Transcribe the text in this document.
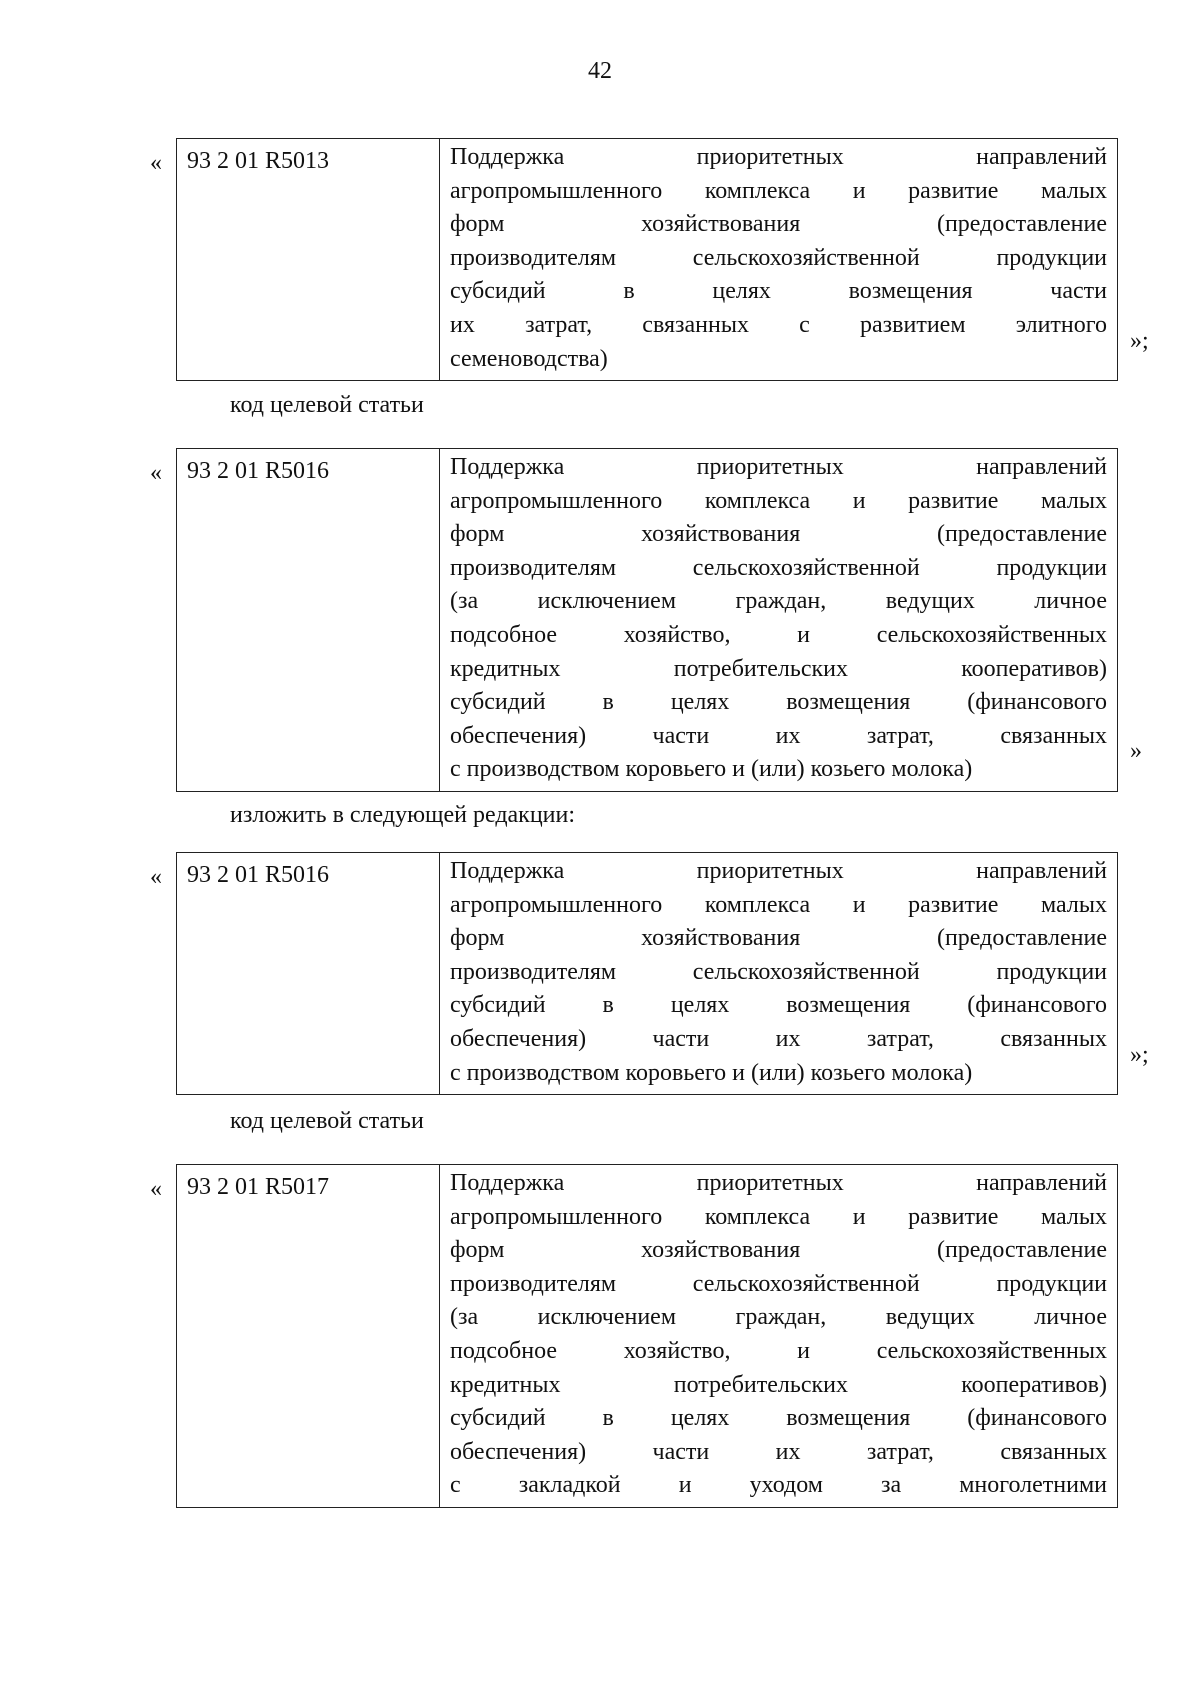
42
« 93 2 01 R5013	Поддержка приоритетных направлений
агропромышленного комплекса и развитие малых
форм хозяйствования (предоставление
производителям сельскохозяйственной продукции
субсидий в целях возмещения части
их затрат, связанных с развитием элитного
семеноводства)
»;
код целевой статьи
« 93 2 01 R5016	Поддержка приоритетных направлений
агропромышленного комплекса и развитие малых
форм хозяйствования (предоставление
производителям сельскохозяйственной продукции
(за исключением граждан, ведущих личное
подсобное хозяйство, и сельскохозяйственных
кредитных потребительских кооперативов)
субсидий в целях возмещения (финансового
обеспечения) части их затрат, связанных
с производством коровьего и (или) козьего молока)
»
изложить в следующей редакции:
« 93 2 01 R5016	Поддержка приоритетных направлений
агропромышленного комплекса и развитие малых
форм хозяйствования (предоставление
производителям сельскохозяйственной продукции
субсидий в целях возмещения (финансового
обеспечения) части их затрат, связанных
с производством коровьего и (или) козьего молока)
»;
код целевой статьи
« 93 2 01 R5017	Поддержка приоритетных направлений
агропромышленного комплекса и развитие малых
форм хозяйствования (предоставление
производителям сельскохозяйственной продукции
(за исключением граждан, ведущих личное
подсобное хозяйство, и сельскохозяйственных
кредитных потребительских кооперативов)
субсидий в целях возмещения (финансового
обеспечения) части их затрат, связанных
с закладкой и уходом за многолетними
